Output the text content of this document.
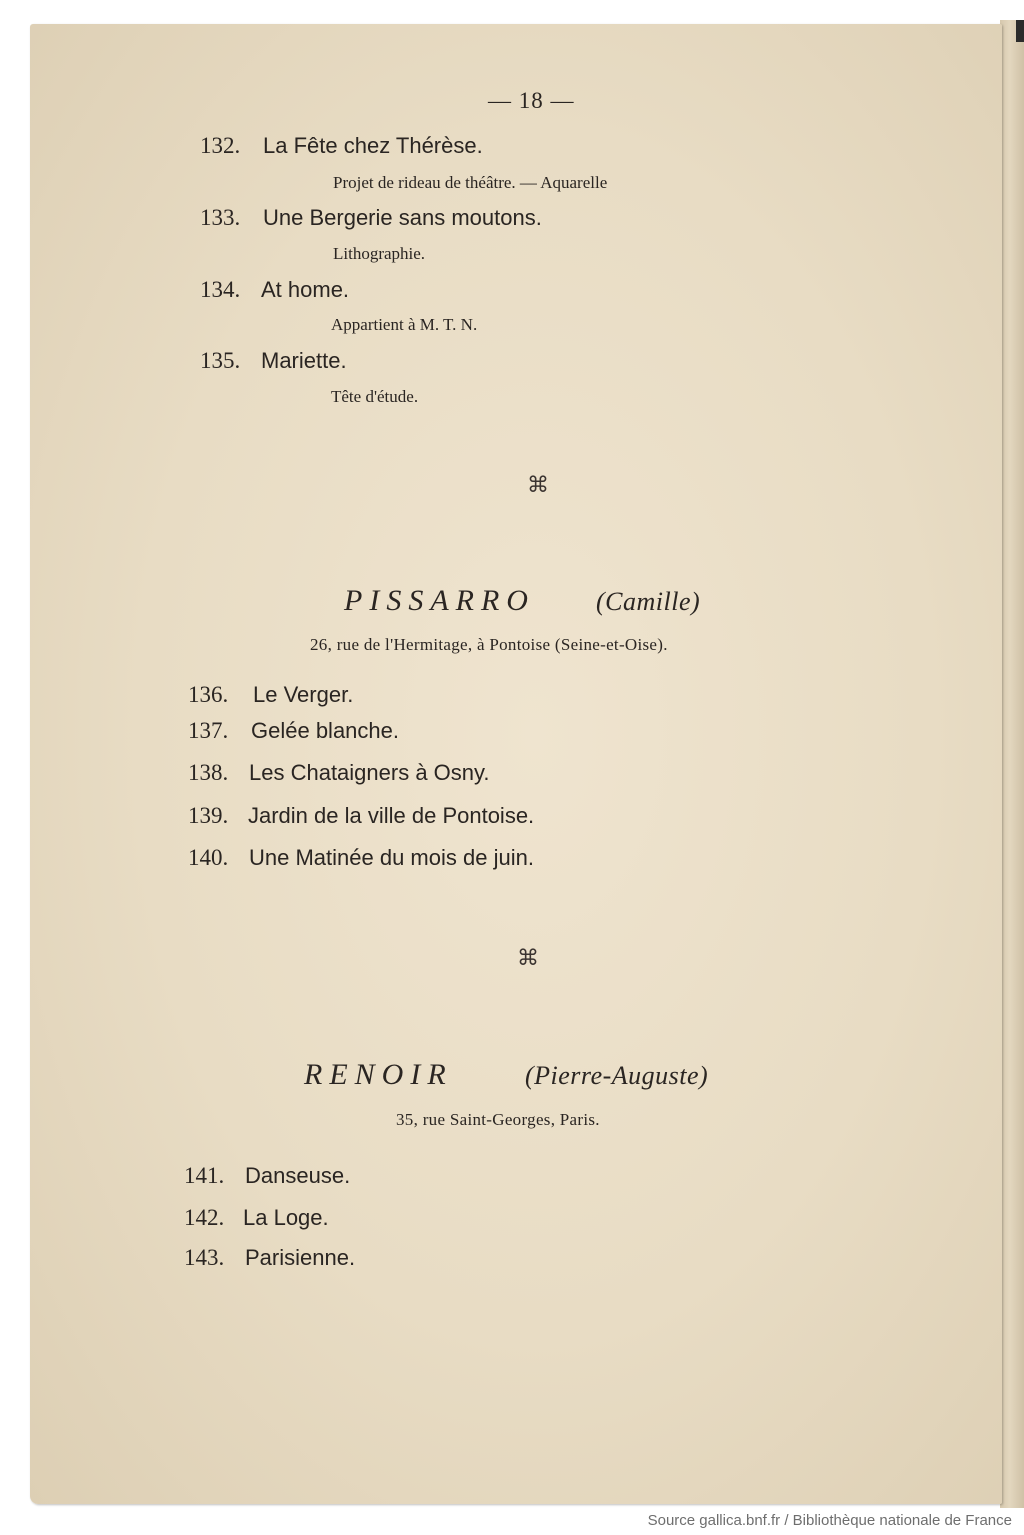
— 18 —
132. La Fête chez Thérèse.
Projet de rideau de théâtre. — Aquarelle
133. Une Bergerie sans moutons.
Lithographie.
134. At home.
Appartient à M. T. N.
135. Mariette.
Tête d'étude.
⌘
PISSARRO (Camille)
26, rue de l'Hermitage, à Pontoise (Seine-et-Oise).
136. Le Verger.
137. Gelée blanche.
138. Les Chataigners à Osny.
139. Jardin de la ville de Pontoise.
140. Une Matinée du mois de juin.
⌘
RENOIR	(Pierre-Auguste)
35, rue Saint-Georges, Paris.
141. Danseuse.
142. La Loge.
143. Parisienne.
Source gallica.bnf.fr / Bibliothèque nationale de France
